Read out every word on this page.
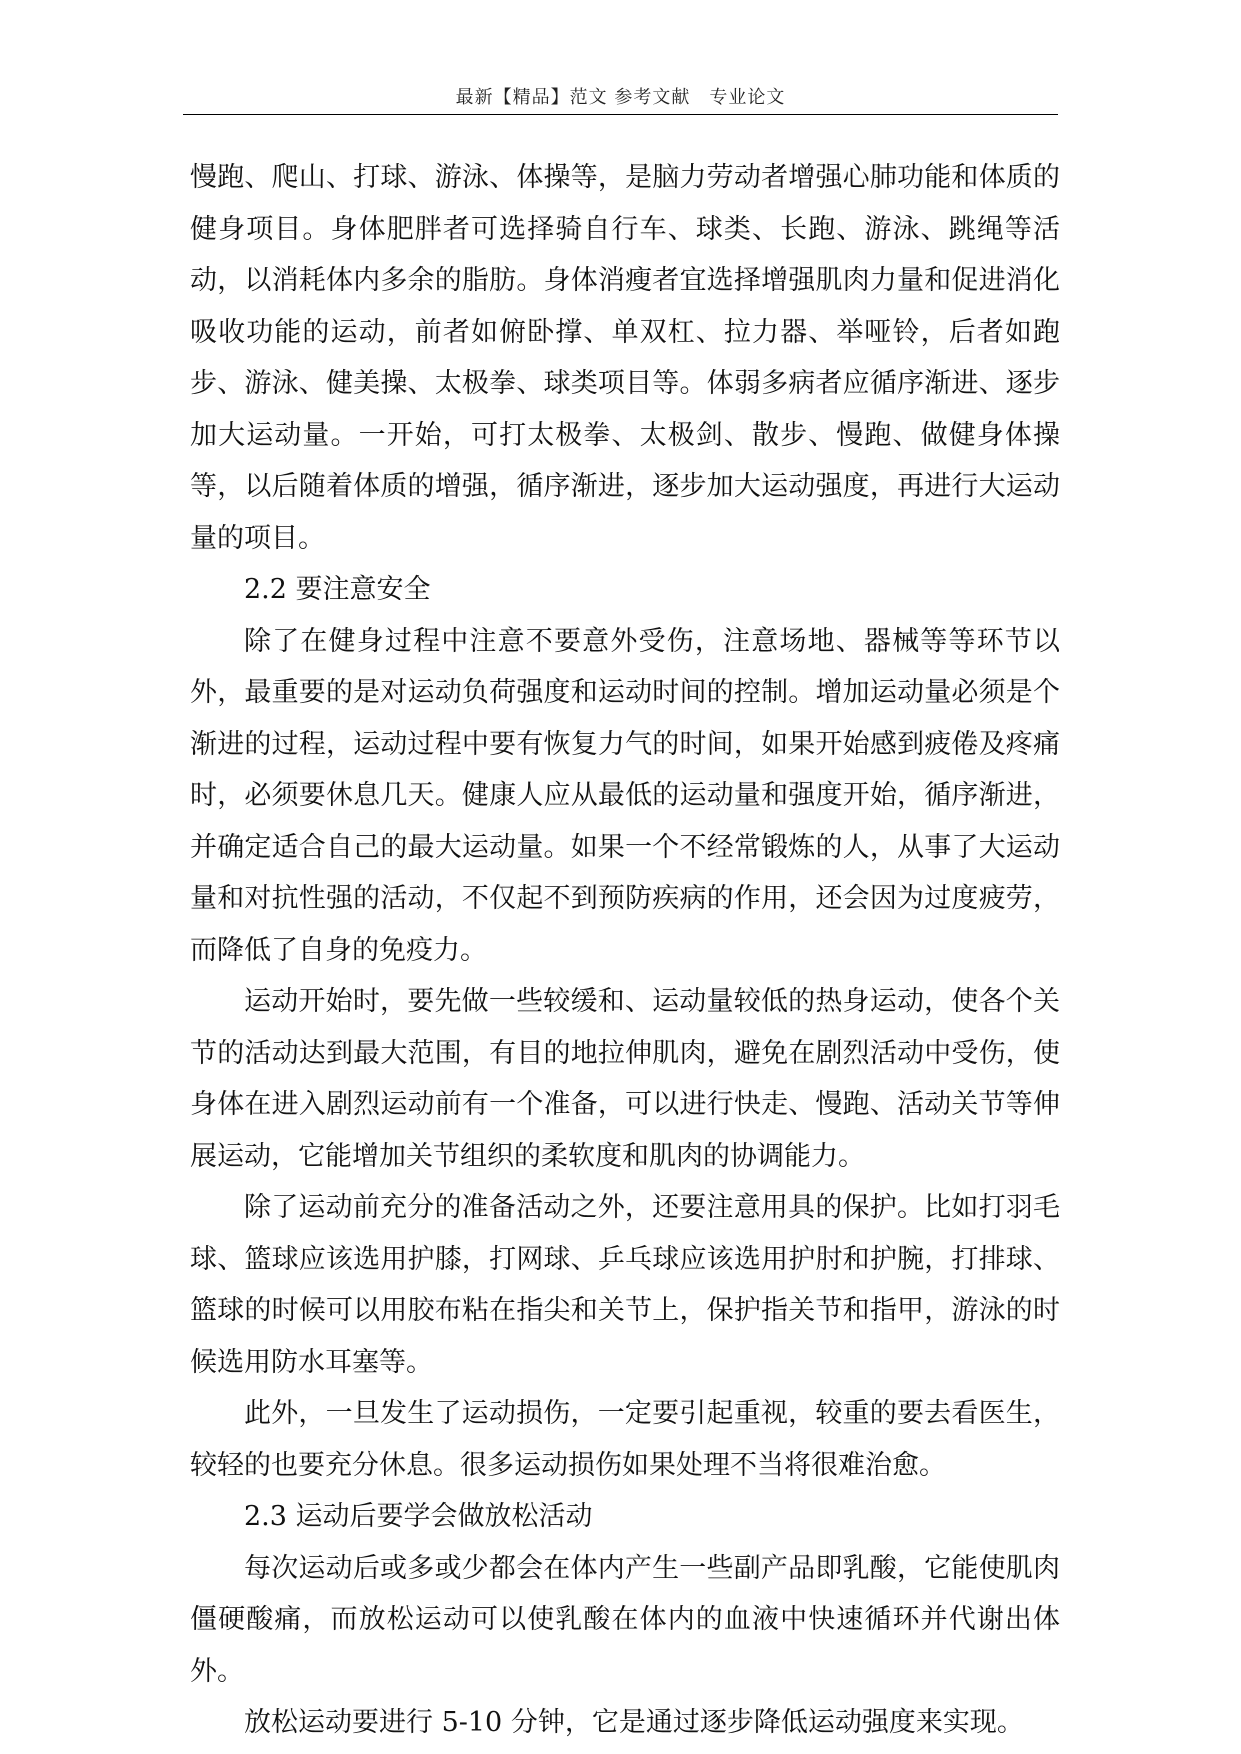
最新【精品】范文 参考文献　专业论文

慢跑、爬山、打球、游泳、体操等，是脑力劳动者增强心肺功能和体质的健身项目。身体肥胖者可选择骑自行车、球类、长跑、游泳、跳绳等活动，以消耗体内多余的脂肪。身体消瘦者宜选择增强肌肉力量和促进消化吸收功能的运动，前者如俯卧撑、单双杠、拉力器、举哑铃，后者如跑步、游泳、健美操、太极拳、球类项目等。体弱多病者应循序渐进、逐步加大运动量。一开始，可打太极拳、太极剑、散步、慢跑、做健身体操等，以后随着体质的增强，循序渐进，逐步加大运动强度，再进行大运动量的项目。

2.2 要注意安全

除了在健身过程中注意不要意外受伤，注意场地、器械等等环节以外，最重要的是对运动负荷强度和运动时间的控制。增加运动量必须是个渐进的过程，运动过程中要有恢复力气的时间，如果开始感到疲倦及疼痛时，必须要休息几天。健康人应从最低的运动量和强度开始，循序渐进，并确定适合自己的最大运动量。如果一个不经常锻炼的人，从事了大运动量和对抗性强的活动，不仅起不到预防疾病的作用，还会因为过度疲劳，而降低了自身的免疫力。

运动开始时，要先做一些较缓和、运动量较低的热身运动，使各个关节的活动达到最大范围，有目的地拉伸肌肉，避免在剧烈活动中受伤，使身体在进入剧烈运动前有一个准备，可以进行快走、慢跑、活动关节等伸展运动，它能增加关节组织的柔软度和肌肉的协调能力。

除了运动前充分的准备活动之外，还要注意用具的保护。比如打羽毛球、篮球应该选用护膝，打网球、乒乓球应该选用护肘和护腕，打排球、篮球的时候可以用胶布粘在指尖和关节上，保护指关节和指甲，游泳的时候选用防水耳塞等。

此外，一旦发生了运动损伤，一定要引起重视，较重的要去看医生，较轻的也要充分休息。很多运动损伤如果处理不当将很难治愈。

2.3 运动后要学会做放松活动

每次运动后或多或少都会在体内产生一些副产品即乳酸，它能使肌肉僵硬酸痛，而放松运动可以使乳酸在体内的血液中快速循环并代谢出体外。

放松运动要进行 5-10 分钟，它是通过逐步降低运动强度来实现。
